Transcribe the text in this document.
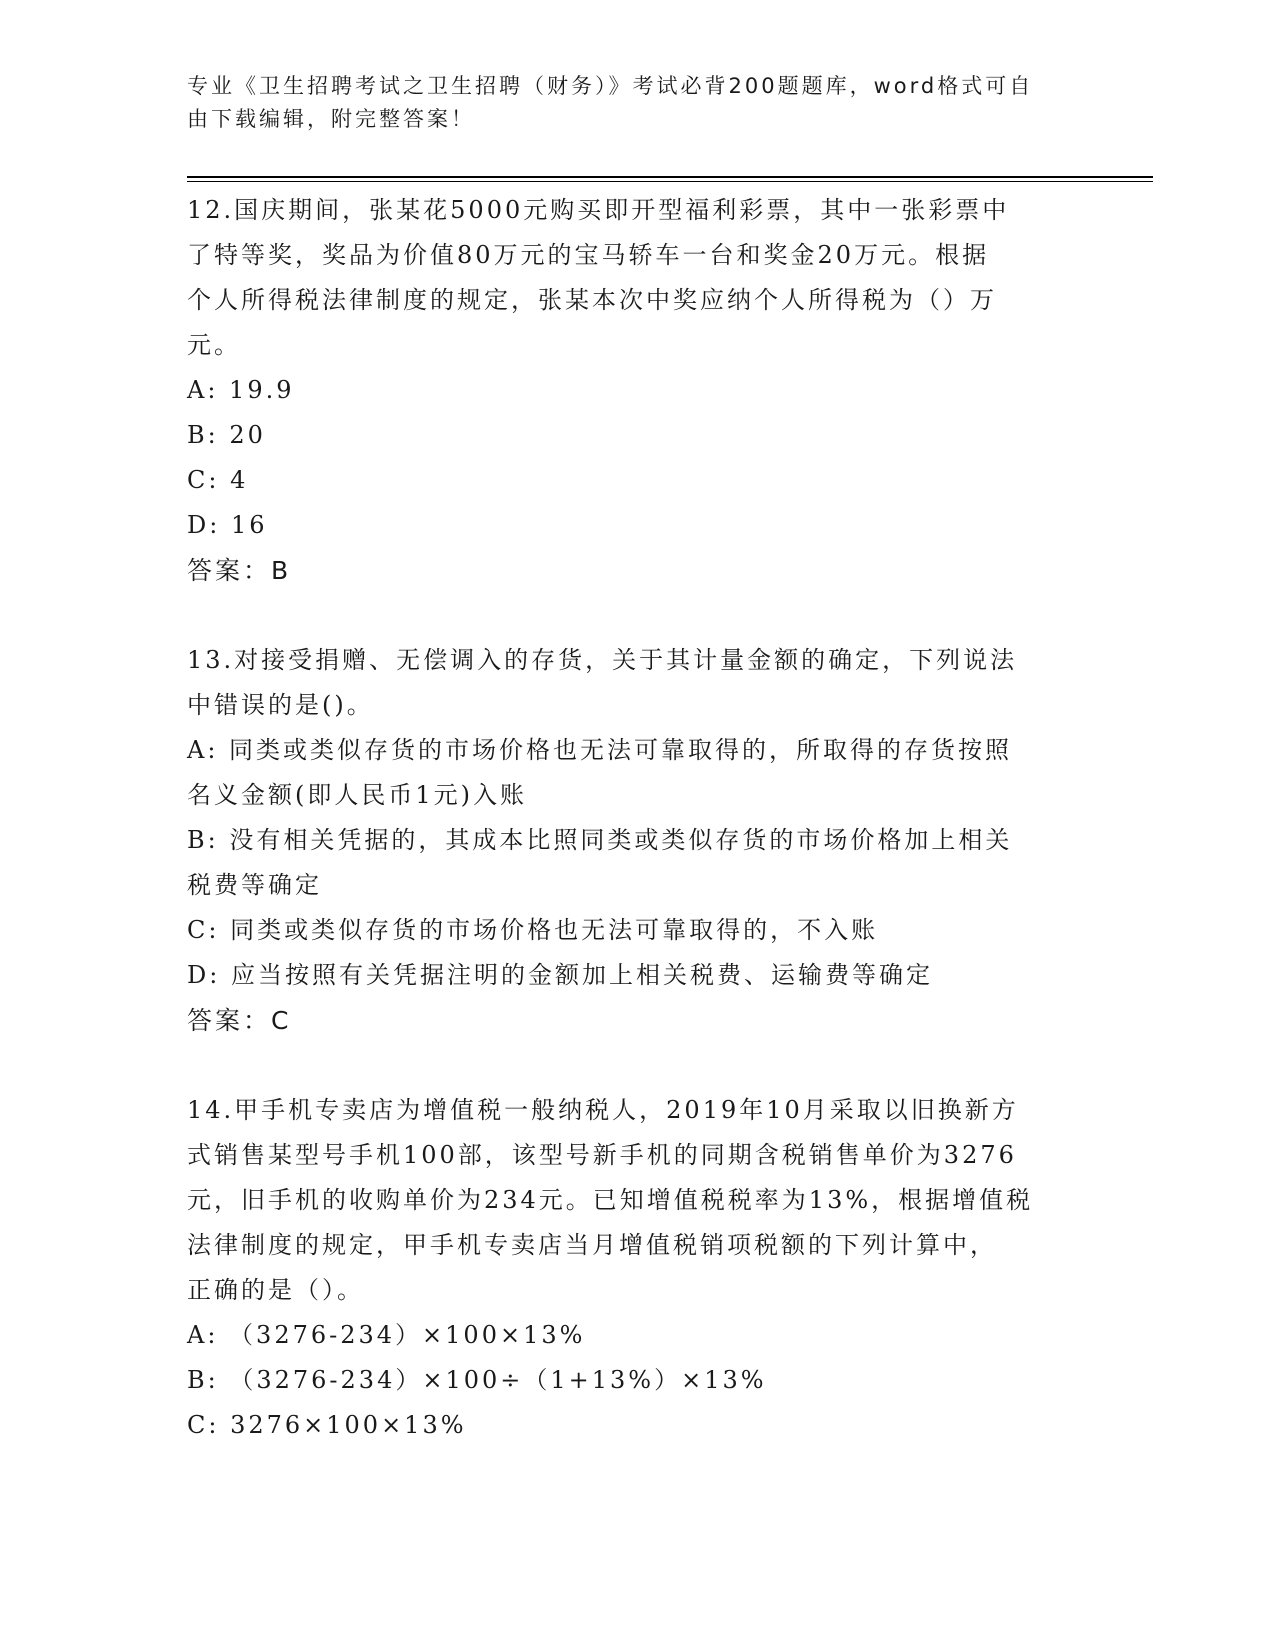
专业《卫生招聘考试之卫生招聘（财务）》考试必背200题题库，word格式可自
由下载编辑，附完整答案！

12.国庆期间，张某花5000元购买即开型福利彩票，其中一张彩票中

了特等奖，奖品为价值80万元的宝马轿车一台和奖金20万元。根据

个人所得税法律制度的规定，张某本次中奖应纳个人所得税为（）万

元。

A: 19.9

B: 20

C: 4

D: 16

答案：B

13.对接受捐赠、无偿调入的存货，关于其计量金额的确定，下列说法

中错误的是()。

A: 同类或类似存货的市场价格也无法可靠取得的，所取得的存货按照

名义金额(即人民币1元)入账

B: 没有相关凭据的，其成本比照同类或类似存货的市场价格加上相关

税费等确定

C: 同类或类似存货的市场价格也无法可靠取得的，不入账

D: 应当按照有关凭据注明的金额加上相关税费、运输费等确定

答案：C

14.甲手机专卖店为增值税一般纳税人，2019年10月采取以旧换新方

式销售某型号手机100部，该型号新手机的同期含税销售单价为3276

元，旧手机的收购单价为234元。已知增值税税率为13%，根据增值税

法律制度的规定，甲手机专卖店当月增值税销项税额的下列计算中，

正确的是（）。

A: （3276-234）×100×13%

B: （3276-234）×100÷（1+13%）×13%

C: 3276×100×13%
